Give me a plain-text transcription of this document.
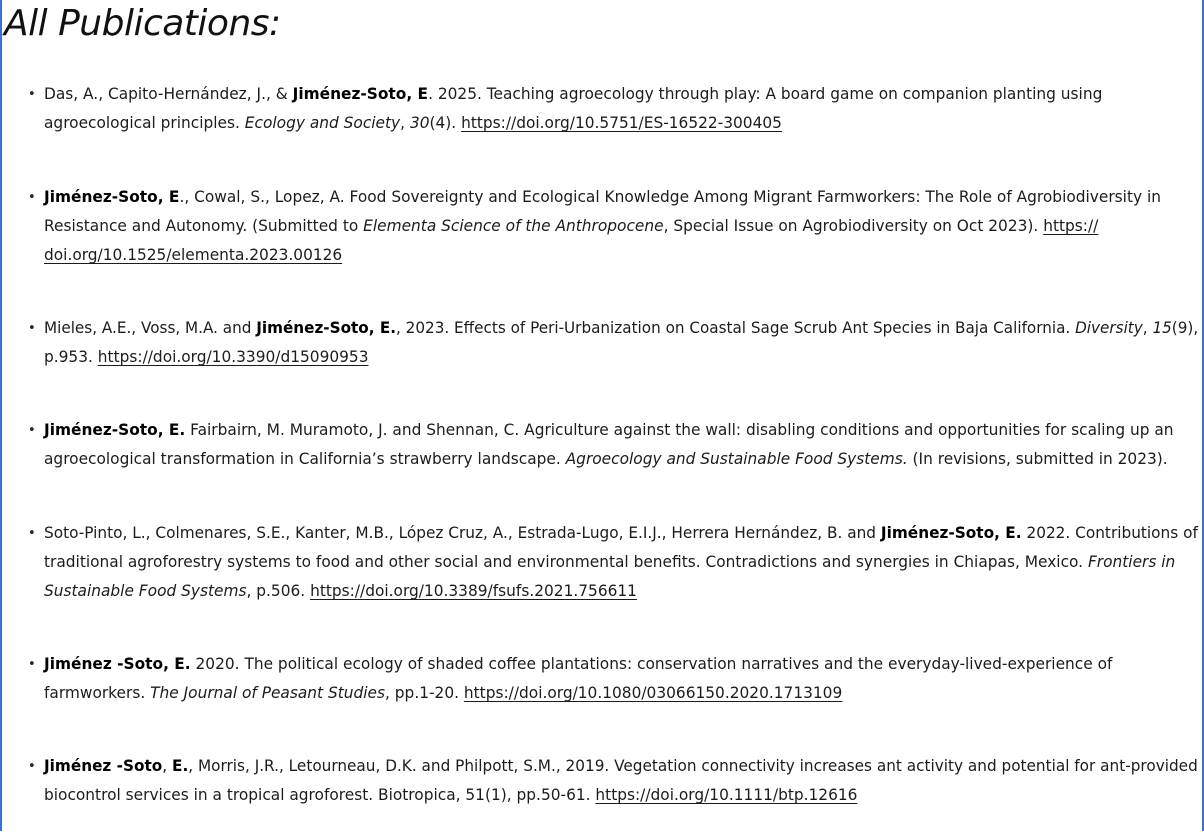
All Publications:
• Das, A., Capito-Hernández, J., & Jiménez-Soto, E. 2025. Teaching agroecology through play: A board game on companion planting using
agroecological principles. Ecology and Society, 30(4). https://doi.org/10.5751/ES-16522-300405
• Jiménez-Soto, E., Cowal, S., Lopez, A. Food Sovereignty and Ecological Knowledge Among Migrant Farmworkers: The Role of Agrobiodiversity in
Resistance and Autonomy. (Submitted to Elementa Science of the Anthropocene, Special Issue on Agrobiodiversity on Oct 2023). https://
doi.org/10.1525/elementa.2023.00126
• Mieles, A.E., Voss, M.A. and Jiménez-Soto, E., 2023. Effects of Peri-Urbanization on Coastal Sage Scrub Ant Species in Baja California. Diversity, 15(9),
p.953. https://doi.org/10.3390/d15090953
• Jiménez-Soto, E. Fairbairn, M. Muramoto, J. and Shennan, C. Agriculture against the wall: disabling conditions and opportunities for scaling up an
agroecological transformation in California’s strawberry landscape. Agroecology and Sustainable Food Systems. (In revisions, submitted in 2023).
• Soto-Pinto, L., Colmenares, S.E., Kanter, M.B., López Cruz, A., Estrada-Lugo, E.I.J., Herrera Hernández, B. and Jiménez-Soto, E. 2022. Contributions of
traditional agroforestry systems to food and other social and environmental benefits. Contradictions and synergies in Chiapas, Mexico. Frontiers in
Sustainable Food Systems, p.506. https://doi.org/10.3389/fsufs.2021.756611
• Jiménez -Soto, E. 2020. The political ecology of shaded coffee plantations: conservation narratives and the everyday-lived-experience of
farmworkers. The Journal of Peasant Studies, pp.1-20. https://doi.org/10.1080/03066150.2020.1713109
• Jiménez -Soto, E., Morris, J.R., Letourneau, D.K. and Philpott, S.M., 2019. Vegetation connectivity increases ant activity and potential for ant-provided
biocontrol services in a tropical agroforest. Biotropica, 51(1), pp.50-61. https://doi.org/10.1111/btp.12616
